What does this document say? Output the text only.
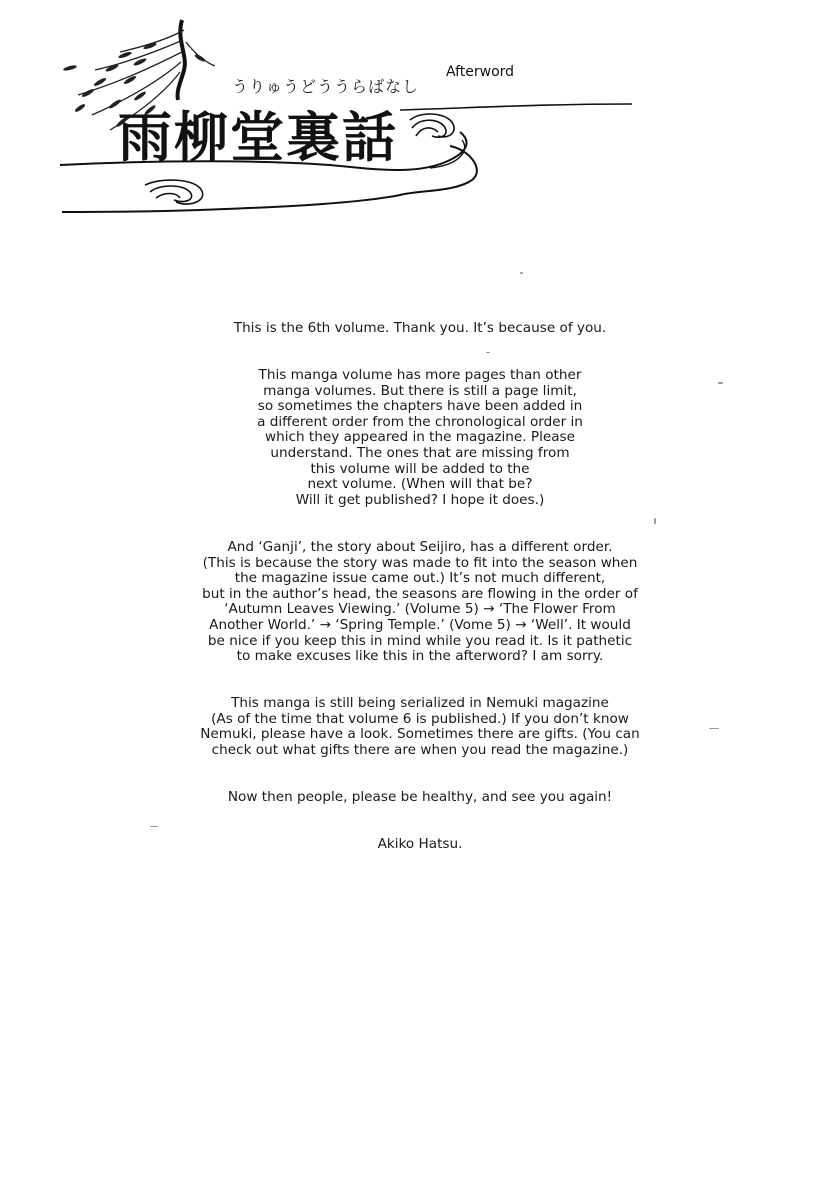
うりゅうどううらばなし
Afterword
雨柳堂裏話
This is the 6th volume. Thank you. It’s because of you.
This manga volume has more pages than other
manga volumes. But there is still a page limit,
so sometimes the chapters have been added in
a different order from the chronological order in
which they appeared in the magazine. Please
understand. The ones that are missing from
this volume will be added to the
next volume. (When will that be?
Will it get published? I hope it does.)
And ‘Ganji’, the story about Seijiro, has a different order.
(This is because the story was made to fit into the season when
the magazine issue came out.) It’s not much different,
but in the author’s head, the seasons are flowing in the order of
‘Autumn Leaves Viewing.’ (Volume 5) → ‘The Flower From
Another World.’ → ‘Spring Temple.’ (Vome 5) → ‘Well’. It would
be nice if you keep this in mind while you read it. Is it pathetic
to make excuses like this in the afterword? I am sorry.
This manga is still being serialized in Nemuki magazine
(As of the time that volume 6 is published.) If you don’t know
Nemuki, please have a look. Sometimes there are gifts. (You can
check out what gifts there are when you read the magazine.)
Now then people, please be healthy, and see you again!
Akiko Hatsu.
